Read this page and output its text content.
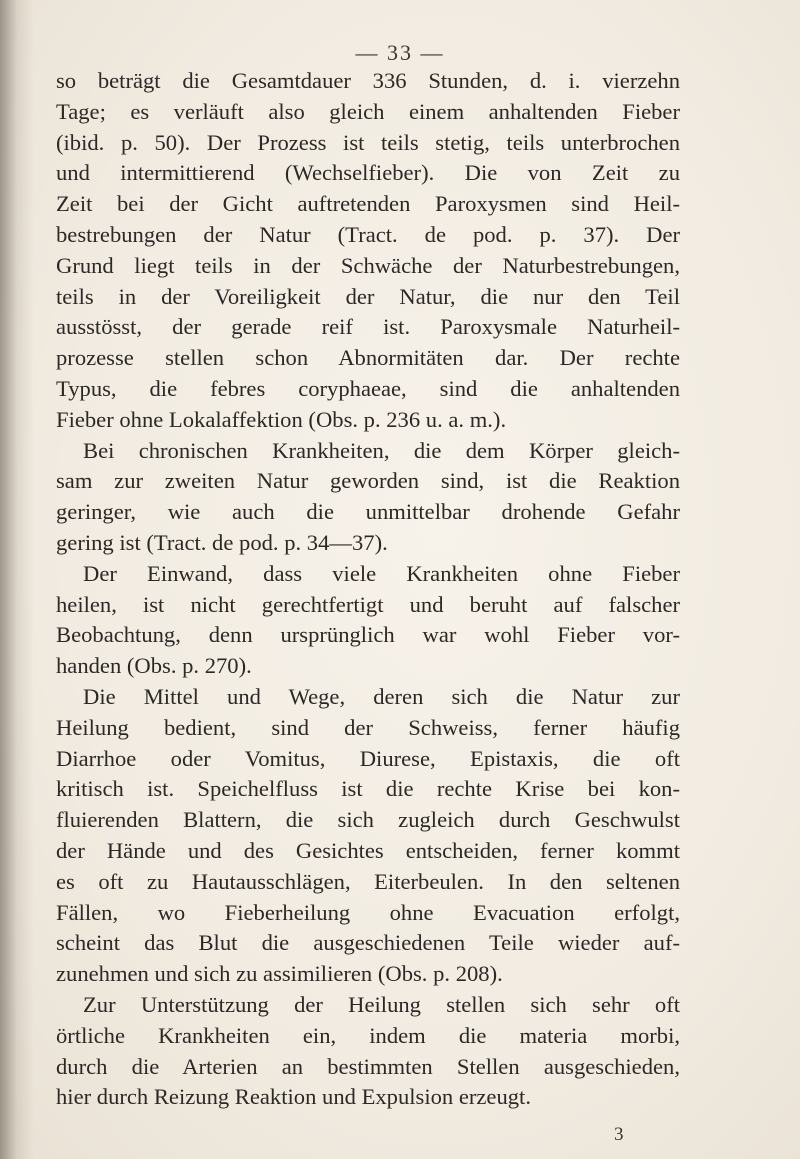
— 33 —
so beträgt die Gesamtdauer 336 Stunden, d. i. vierzehn
Tage; es verläuft also gleich einem anhaltenden Fieber
(ibid. p. 50). Der Prozess ist teils stetig, teils unterbrochen
und intermittierend (Wechselfieber). Die von Zeit zu
Zeit bei der Gicht auftretenden Paroxysmen sind Heil-
bestrebungen der Natur (Tract. de pod. p. 37). Der
Grund liegt teils in der Schwäche der Naturbestrebungen,
teils in der Voreiligkeit der Natur, die nur den Teil
ausstösst, der gerade reif ist. Paroxysmale Naturheil-
prozesse stellen schon Abnormitäten dar. Der rechte
Typus, die febres coryphaeae, sind die anhaltenden
Fieber ohne Lokalaffektion (Obs. p. 236 u. a. m.).
Bei chronischen Krankheiten, die dem Körper gleich-
sam zur zweiten Natur geworden sind, ist die Reaktion
geringer, wie auch die unmittelbar drohende Gefahr
gering ist (Tract. de pod. p. 34—37).
Der Einwand, dass viele Krankheiten ohne Fieber
heilen, ist nicht gerechtfertigt und beruht auf falscher
Beobachtung, denn ursprünglich war wohl Fieber vor-
handen (Obs. p. 270).
Die Mittel und Wege, deren sich die Natur zur
Heilung bedient, sind der Schweiss, ferner häufig
Diarrhoe oder Vomitus, Diurese, Epistaxis, die oft
kritisch ist. Speichelfluss ist die rechte Krise bei kon-
fluierenden Blattern, die sich zugleich durch Geschwulst
der Hände und des Gesichtes entscheiden, ferner kommt
es oft zu Hautausschlägen, Eiterbeulen. In den seltenen
Fällen, wo Fieberheilung ohne Evacuation erfolgt,
scheint das Blut die ausgeschiedenen Teile wieder auf-
zunehmen und sich zu assimilieren (Obs. p. 208).
Zur Unterstützung der Heilung stellen sich sehr oft
örtliche Krankheiten ein, indem die materia morbi,
durch die Arterien an bestimmten Stellen ausgeschieden,
hier durch Reizung Reaktion und Expulsion erzeugt.
3
